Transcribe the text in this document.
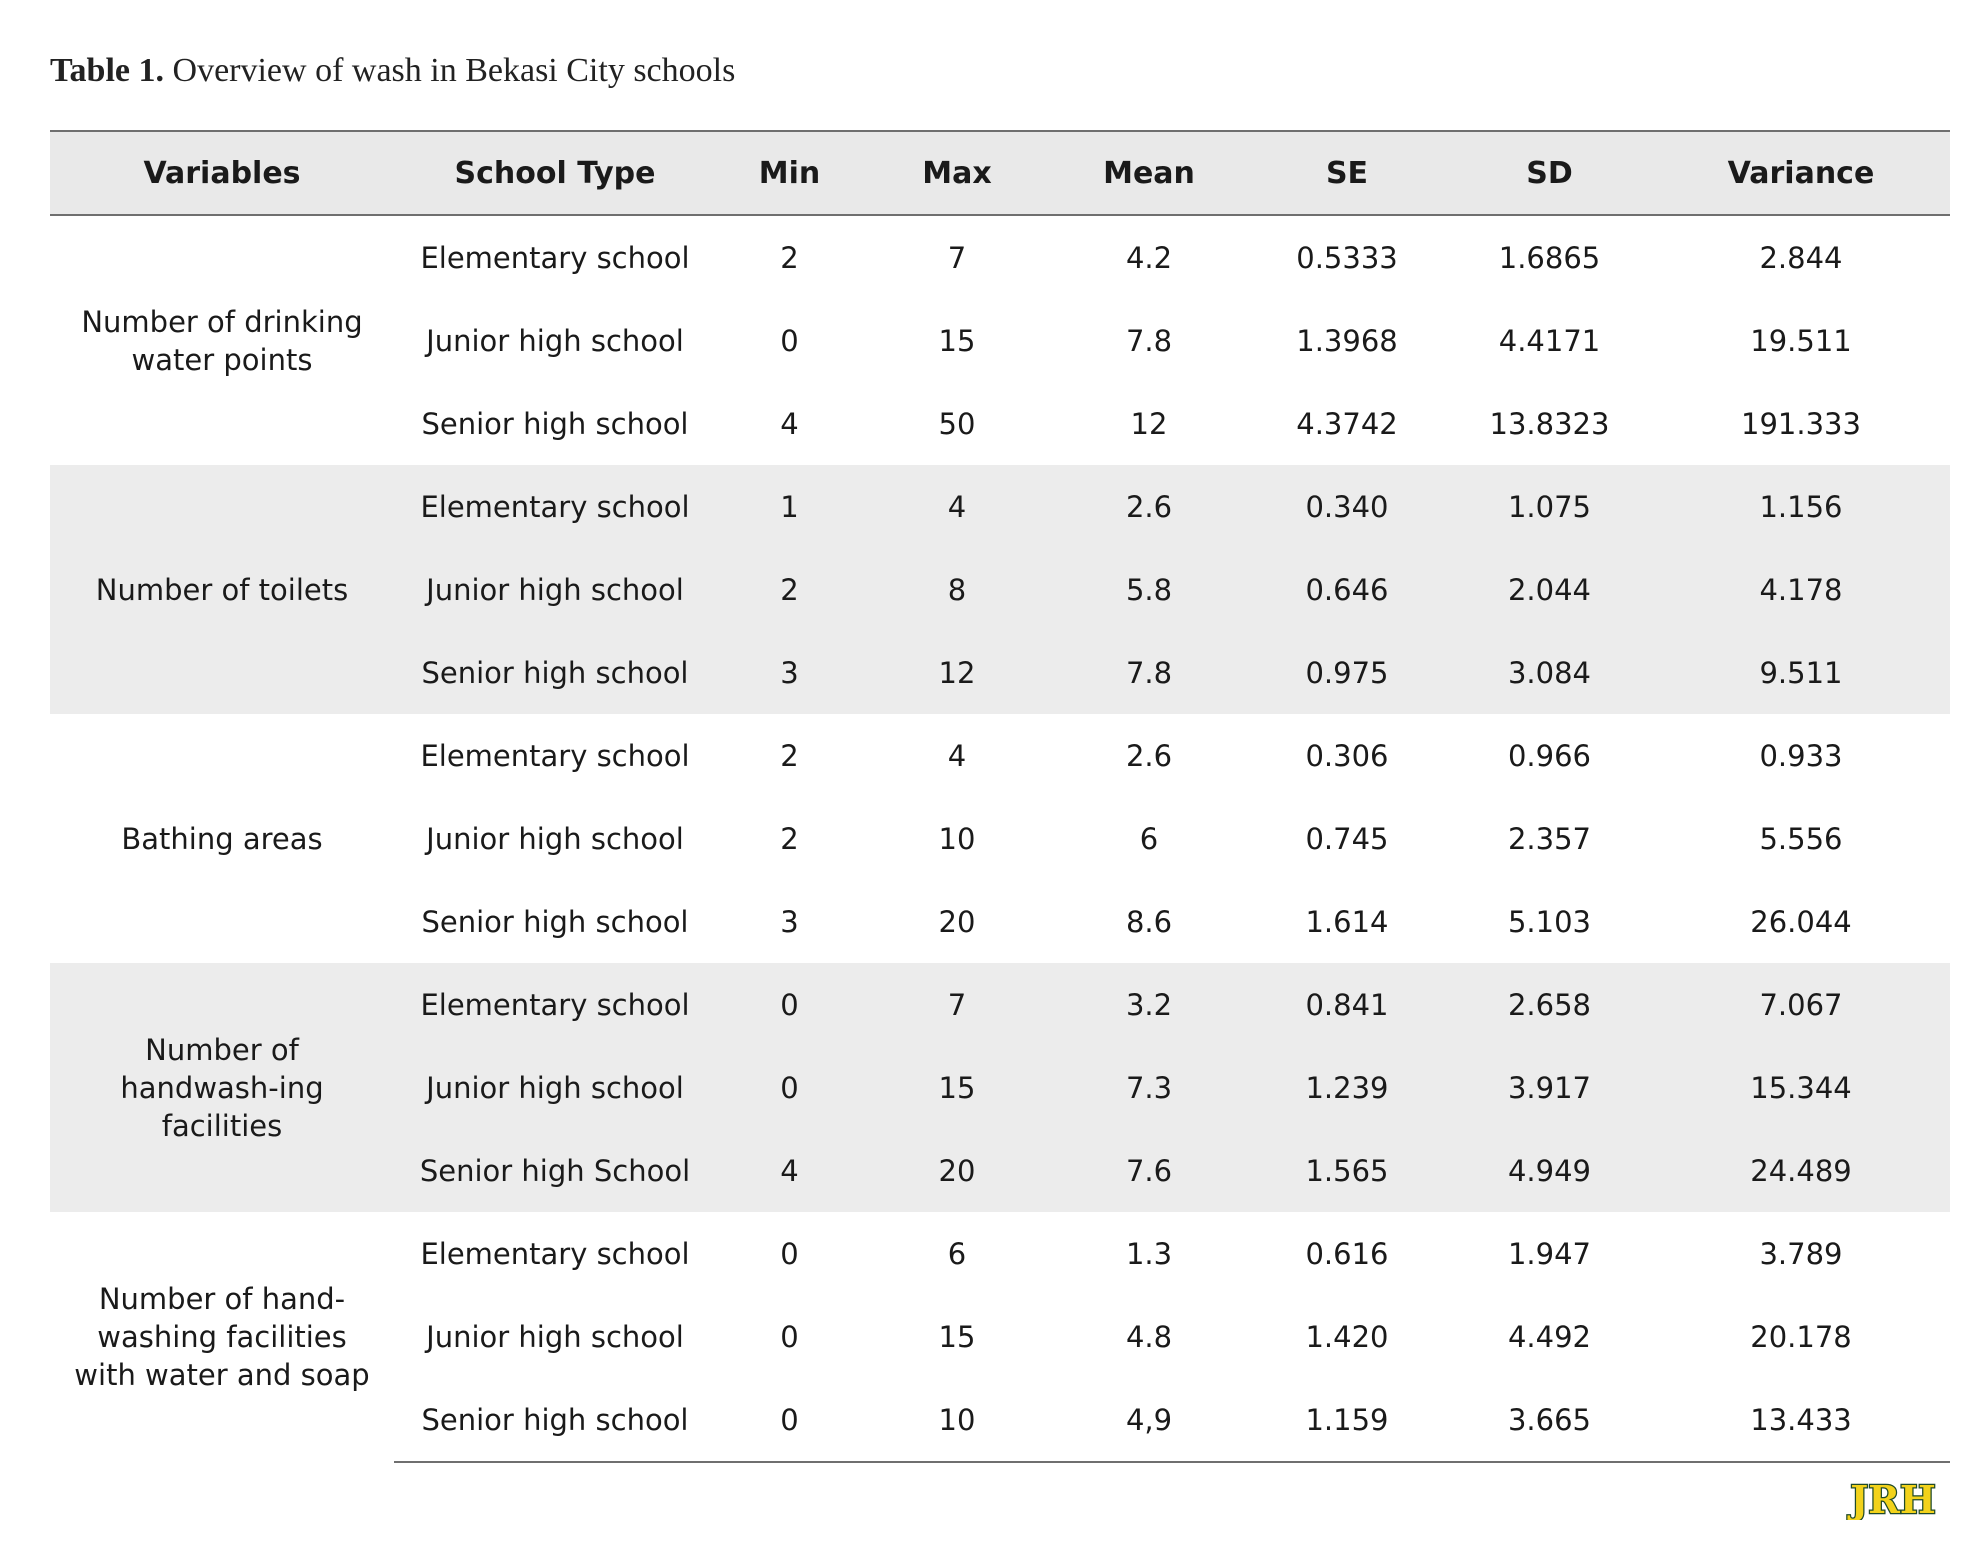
Table 1. Overview of wash in Bekasi City schools
Variables	School Type	Min	Max	Mean	SE	SD	Variance
Number of drinking water points	Elementary school	2	7	4.2	0.5333	1.6865	2.844
	Junior high school	0	15	7.8	1.3968	4.4171	19.511
	Senior high school	4	50	12	4.3742	13.8323	191.333
Number of toilets	Elementary school	1	4	2.6	0.340	1.075	1.156
	Junior high school	2	8	5.8	0.646	2.044	4.178
	Senior high school	3	12	7.8	0.975	3.084	9.511
Bathing areas	Elementary school	2	4	2.6	0.306	0.966	0.933
	Junior high school	2	10	6	0.745	2.357	5.556
	Senior high school	3	20	8.6	1.614	5.103	26.044
Number of handwash-ing facilities	Elementary school	0	7	3.2	0.841	2.658	7.067
	Junior high school	0	15	7.3	1.239	3.917	15.344
	Senior high School	4	20	7.6	1.565	4.949	24.489
Number of hand-washing facilities with water and soap	Elementary school	0	6	1.3	0.616	1.947	3.789
	Junior high school	0	15	4.8	1.420	4.492	20.178
	Senior high school	0	10	4,9	1.159	3.665	13.433
JRH
